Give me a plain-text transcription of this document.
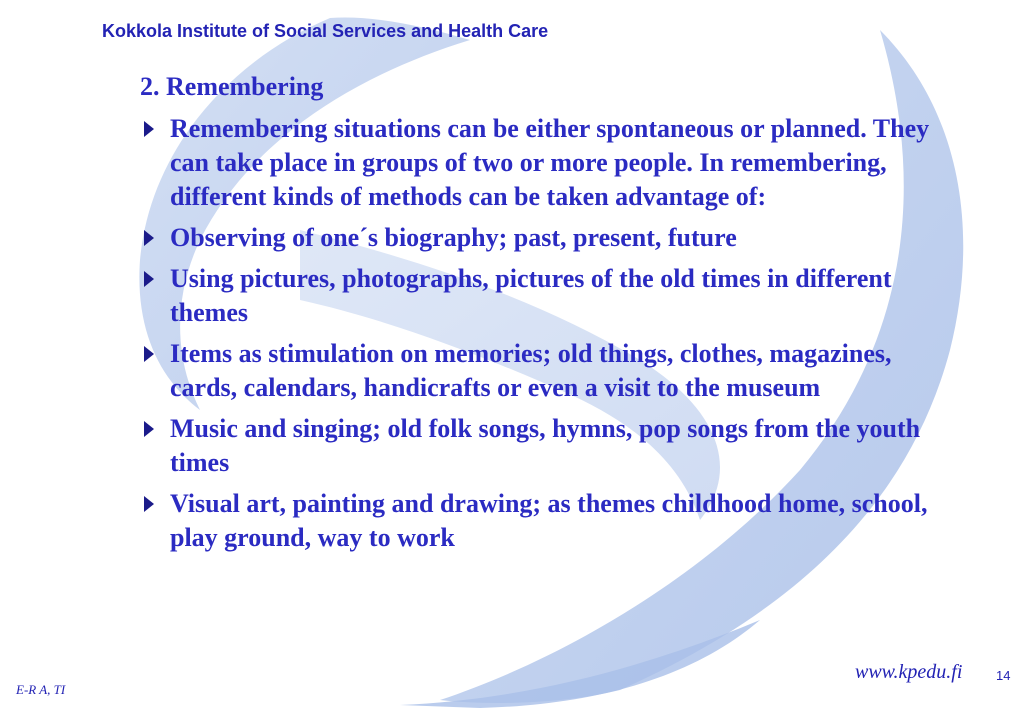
Kokkola Institute of Social Services and Health Care
2. Remembering
Remembering situations can be either spontaneous or planned. They can take place in groups of two or more people. In remembering, different kinds of methods can be taken advantage of:
Observing of one´s biography; past, present, future
Using pictures, photographs, pictures of the old times in different themes
Items as stimulation on memories; old things, clothes, magazines, cards, calendars, handicrafts or even a visit to the museum
Music and singing; old folk songs, hymns, pop songs from the youth times
Visual art, painting and drawing; as themes childhood home, school, play ground, way to work
E-R A, TI
www.kpedu.fi	14
